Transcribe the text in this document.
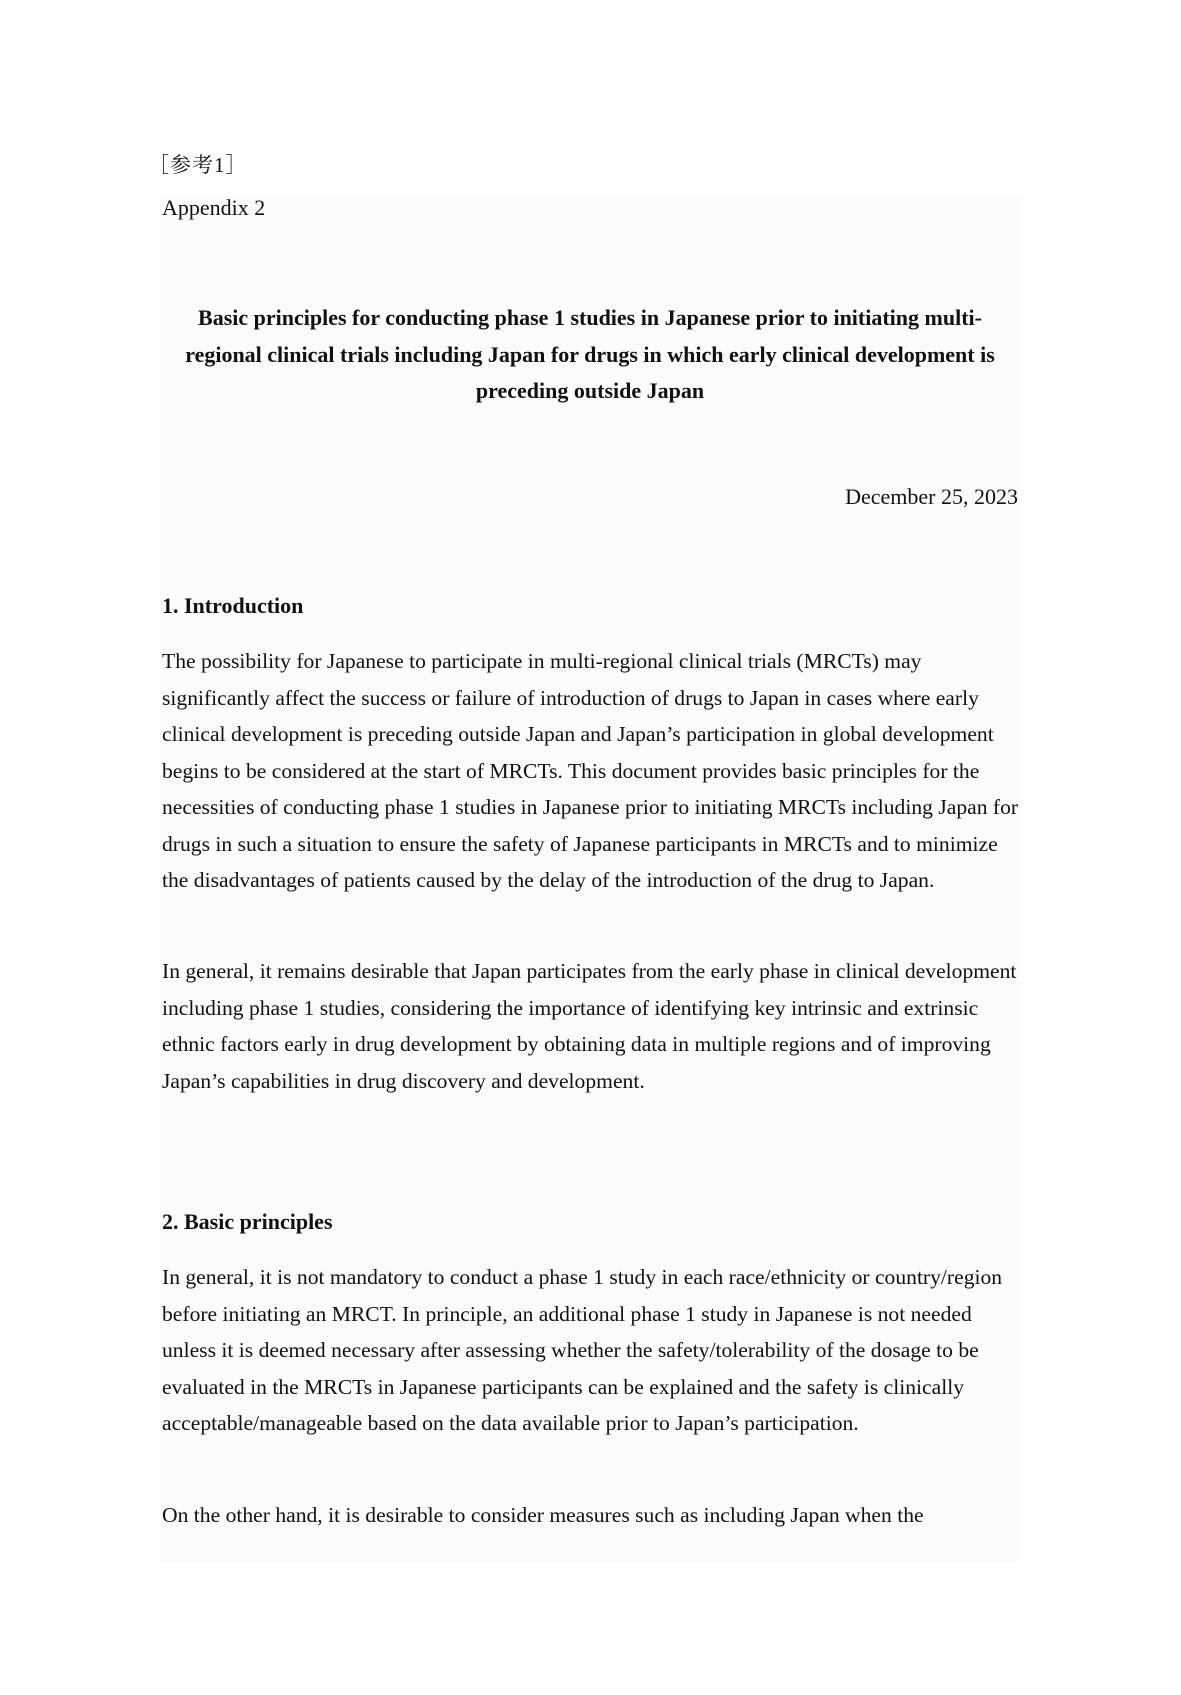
［参考1］
Appendix 2
Basic principles for conducting phase 1 studies in Japanese prior to initiating multi-regional clinical trials including Japan for drugs in which early clinical development is preceding outside Japan
December 25, 2023
1. Introduction

The possibility for Japanese to participate in multi-regional clinical trials (MRCTs) may significantly affect the success or failure of introduction of drugs to Japan in cases where early clinical development is preceding outside Japan and Japan’s participation in global development begins to be considered at the start of MRCTs. This document provides basic principles for the necessities of conducting phase 1 studies in Japanese prior to initiating MRCTs including Japan for drugs in such a situation to ensure the safety of Japanese participants in MRCTs and to minimize the disadvantages of patients caused by the delay of the introduction of the drug to Japan.

In general, it remains desirable that Japan participates from the early phase in clinical development including phase 1 studies, considering the importance of identifying key intrinsic and extrinsic ethnic factors early in drug development by obtaining data in multiple regions and of improving Japan’s capabilities in drug discovery and development.

2. Basic principles

In general, it is not mandatory to conduct a phase 1 study in each race/ethnicity or country/region before initiating an MRCT. In principle, an additional phase 1 study in Japanese is not needed unless it is deemed necessary after assessing whether the safety/tolerability of the dosage to be evaluated in the MRCTs in Japanese participants can be explained and the safety is clinically acceptable/manageable based on the data available prior to Japan’s participation.

On the other hand, it is desirable to consider measures such as including Japan when the
